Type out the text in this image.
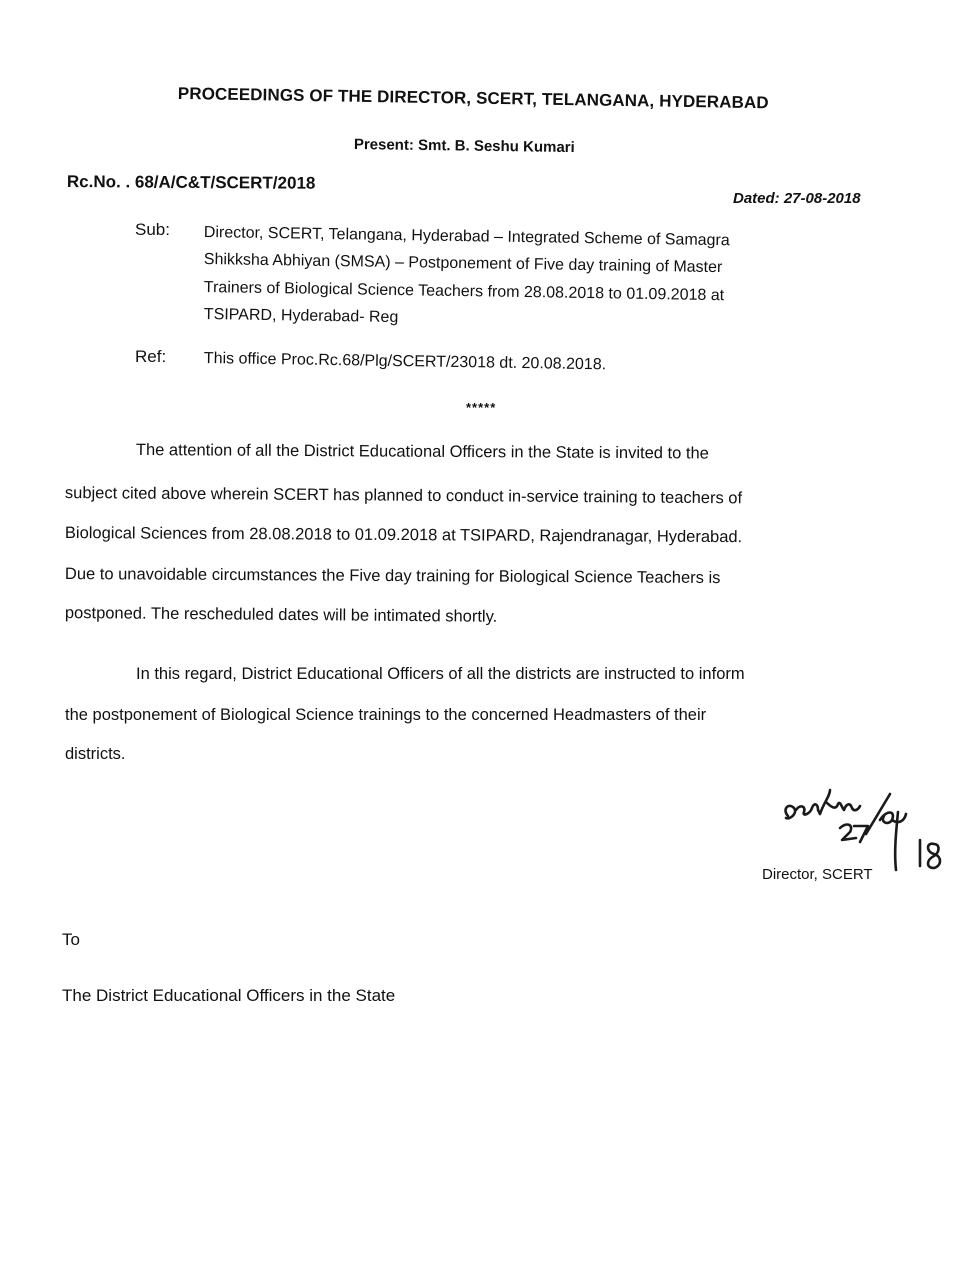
PROCEEDINGS OF THE DIRECTOR, SCERT, TELANGANA, HYDERABAD
Present: Smt. B. Seshu Kumari
Rc.No. . 68/A/C&T/SCERT/2018
Dated: 27-08-2018
Sub: Director, SCERT, Telangana, Hyderabad – Integrated Scheme of Samagra
Shikksha Abhiyan (SMSA) – Postponement of Five day training of Master
Trainers of Biological Science Teachers from 28.08.2018 to 01.09.2018 at
TSIPARD, Hyderabad- Reg
Ref: This office Proc.Rc.68/Plg/SCERT/23018 dt. 20.08.2018.
*****
The attention of all the District Educational Officers in the State is invited to the
subject cited above wherein SCERT has planned to conduct in-service training to teachers of
Biological Sciences from 28.08.2018 to 01.09.2018 at TSIPARD, Rajendranagar, Hyderabad.
Due to unavoidable circumstances the Five day training for Biological Science Teachers is
postponed. The rescheduled dates will be intimated shortly.
In this regard, District Educational Officers of all the districts are instructed to inform
the postponement of Biological Science trainings to the concerned Headmasters of their
districts.
Director, SCERT
To
The District Educational Officers in the State
